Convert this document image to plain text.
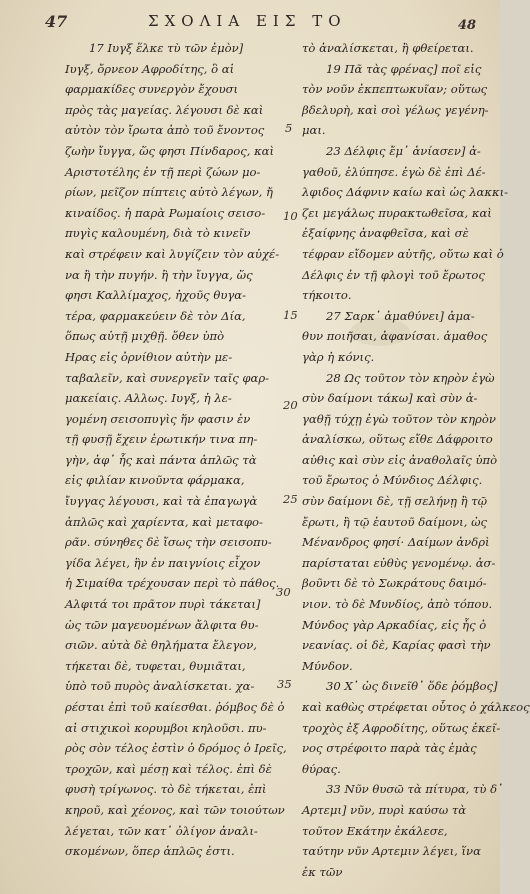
47	ΣΧΟΛΙΑ ΕΙΣ ΤΟ	48
17 Ιυγξ ἕλκε τὺ τῶν ἐμὸν]
Ιυγξ, ὄρνεον Αφροδίτης, ὃ αἱ
φαρμακίδες συνεργὸν ἔχουσι
πρὸς τὰς μαγείας. λέγουσι δὲ καὶ
αὐτὸν τὸν ἴρωτα ἀπὸ τοῦ ἔνοντος
ζωὴν ἴυγγα, ὥς φησι Πίνδαρος, καὶ
Αριστοτέλης ἐν τῇ περὶ ζώων μο-
ρίων, μεῖζον πίπτεις αὐτὸ λέγων, ἤ
κιναίδος. ἡ παρὰ Ρωμαίοις σεισο-
πυγὶς καλουμένη, διὰ τὸ κινεῖν
καὶ στρέφειν καὶ λυγίζειν τὸν αὐχέ-
να ἢ τὴν πυγήν. ἢ τὴν ἴυγγα, ὥς
φησι Καλλίμαχος, ἠχοῦς θυγα-
τέρα, φαρμακεύειν δὲ τὸν Δία,
ὅπως αὐτῇ μιχθῇ. ὅθεν ὑπὸ
Ηρας εἰς ὀρνίθιον αὐτὴν με-
ταβαλεῖν, καὶ συνεργεῖν ταῖς φαρ-
μακείαις. Αλλως. Ιυγξ, ἡ λε-
γομένη σεισοπυγὶς ἥν φασιν ἐν
τῇ φυσῇ ἔχειν ἐρωτικήν τινα πη-
γὴν, ἀφ᾽ ἧς καὶ πάντα ἁπλῶς τὰ
εἰς φιλίαν κινοῦντα φάρμακα,
ἴυγγας λέγουσι, καὶ τὰ ἐπαγωγὰ
ἁπλῶς καὶ χαρίεντα, καὶ μεταφο-
ρᾶν. σύνηθες δὲ ἴσως τὴν σεισοπυ-
γίδα λέγει, ἣν ἐν παιγνίοις εἶχον
ἡ Σιμαίθα τρέχουσαν περὶ τὸ πάθος.
Αλφιτά τοι πρᾶτον πυρὶ τάκεται]
ὡς τῶν μαγευομένων ἄλφιτα θυ-
σιῶν. αὐτὰ δὲ θηλήματα ἔλεγον,
τήκεται δὲ, τυφεται, θυμιᾶται,
ὑπὸ τοῦ πυρὸς ἀναλίσκεται. χα-
ρέσται ἐπὶ τοῦ καίεσθαι. ῥόμβος δὲ ὁ
αἱ στιχικοὶ κορυμβοι κηλοῦσι. πυ-
ρὸς σὸν τέλος ἐστὶν ὁ δρόμος ὁ Ιρεῖς,
τροχῶν, καὶ μέσῃ καὶ τέλος. ἐπὶ δὲ
φυσὴ τρίγωνος. τὸ δὲ τήκεται, ἐπὶ
κηροῦ, καὶ χέονος, καὶ τῶν τοιούτων
λέγεται, τῶν κατ᾽ ὀλίγον ἀναλι-
σκομένων, ὅπερ ἁπλῶς ἐστι.
τὸ ἀναλίσκεται, ἢ φθείρεται.
19 Πᾶ τὰς φρένας] ποῖ εἰς
τὸν νοῦν ἐκπεπτωκυῖαν; οὕτως
βδελυρὴ, καὶ σοὶ γέλως γεγένη-
μαι.
23 Δέλφις ἔμ᾽ ἀνίασεν] ἀ-
γαθοῦ, ἐλύπησε. ἐγὼ δὲ ἐπὶ Δέ-
λφιδος Δάφνιν καίω καὶ ὡς λακκι-
ζει μεγάλως πυρακτωθεῖσα, καὶ
ἐξαίφνης ἀναφθεῖσα, καὶ σὲ
τέφραν εἴδομεν αὐτῆς, οὕτω καὶ ὁ
Δέλφις ἐν τῇ φλογὶ τοῦ ἔρωτος
τήκοιτο.
27 Σαρκ᾽ ἀμαθύνει] ἀμα-
θυν ποιῆσαι, ἀφανίσαι. ἀμαθος
γὰρ ἡ κόνις.
28 Ως τοῦτον τὸν κηρὸν ἐγὼ
σὺν δαίμονι τάκω] καὶ σὺν ἀ-
γαθῇ τύχῃ ἐγὼ τοῦτον τὸν κηρὸν
ἀναλίσκω, οὕτως εἴθε Δάφροιτο
αὐθις καὶ σὺν εἰς ἀναθολαῖς ὑπὸ
τοῦ ἔρωτος ὁ Μύνδιος Δέλφις.
σὺν δαίμονι δὲ, τῇ σελήνῃ ἢ τῷ
ἔρωτι, ἢ τῷ ἑαυτοῦ δαίμονι, ὡς
Μένανδρος φησί· Δαίμων ἀνδρὶ
παρίσταται εὐθὺς γενομένῳ. ἀσ-
βοῦντι δὲ τὸ Σωκράτους δαιμό-
νιον. τὸ δὲ Μυνδίος, ἀπὸ τόπου.
Μύνδος γὰρ Αρκαδίας, εἰς ἧς ὁ
νεανίας. οἱ δὲ, Καρίας φασὶ τὴν
Μύνδον.
30 Χ᾽ ὡς δινεῖθ᾽ ὅδε ῥόμβος]
καὶ καθὼς στρέφεται οὗτος ὁ χάλκεος
τροχὸς ἐξ Αφροδίτης, οὕτως ἐκεῖ-
νος στρέφοιτο παρὰ τὰς ἐμὰς
θύρας.
33 Νῦν θυσῶ τὰ πίτυρα, τὺ δ᾽
Αρτεμι] νῦν, πυρὶ καύσω τὰ
τοῦτον Εκάτην ἐκάλεσε,
ταύτην νῦν Αρτεμιν λέγει, ἵνα
ἐκ τῶν
5
10
15
20
25
30
35
